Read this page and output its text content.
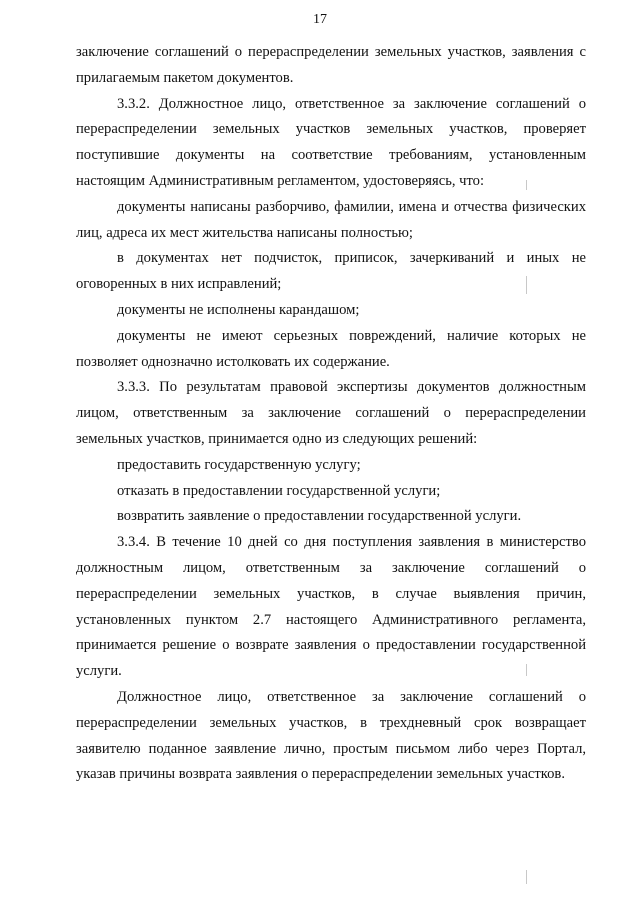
17

заключение соглашений о перераспределении земельных участков, заявления с прилагаемым пакетом документов.

3.3.2. Должностное лицо, ответственное за заключение соглашений о перераспределении земельных участков земельных участков, проверяет поступившие документы на соответствие требованиям, установленным настоящим Административным регламентом, удостоверяясь, что:

документы написаны разборчиво, фамилии, имена и отчества физических лиц, адреса их мест жительства написаны полностью;

в документах нет подчисток, приписок, зачеркиваний и иных не оговоренных в них исправлений;

документы не исполнены карандашом;

документы не имеют серьезных повреждений, наличие которых не позволяет однозначно истолковать их содержание.

3.3.3. По результатам правовой экспертизы документов должностным лицом, ответственным за заключение соглашений о перераспределении земельных участков, принимается одно из следующих решений:

предоставить государственную услугу;

отказать в предоставлении государственной услуги;

возвратить заявление о предоставлении государственной услуги.

3.3.4. В течение 10 дней со дня поступления заявления в министерство должностным лицом, ответственным за заключение соглашений о перераспределении земельных участков, в случае выявления причин, установленных пунктом 2.7 настоящего Административного регламента, принимается решение о возврате заявления о предоставлении государственной услуги.

Должностное лицо, ответственное за заключение соглашений о перераспределении земельных участков, в трехдневный срок возвращает заявителю поданное заявление лично, простым письмом либо через Портал, указав причины возврата заявления о перераспределении земельных участков.
